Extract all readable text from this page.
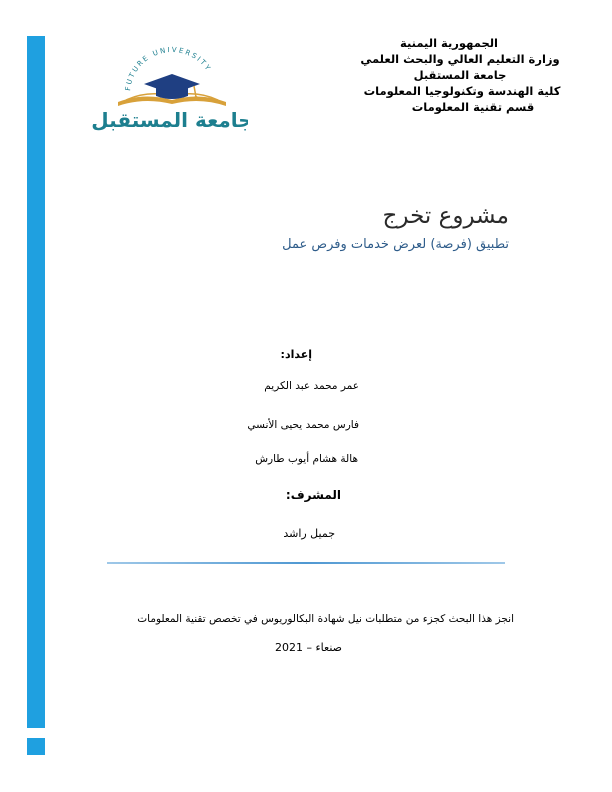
FUTURE UNIVERSITY
جامعة المستقبل
الجمهورية اليمنية
وزارة التعليم العالي والبحث العلمي
جامعة المستقبل
كلية الهندسة وتكنولوجيا المعلومات
قسم تقنية المعلومات
مشروع تخرج
تطبيق (فرصة) لعرض خدمات وفرص عمل
إعداد:
عمر محمد عبد الكريم
فارس محمد يحيى الأنسي
هالة هشام أيوب طارش
المشرف:
جميل راشد
انجز هذا البحث كجزء من متطلبات نيل شهادة البكالوريوس في تخصص تقنية المعلومات
صنعاء – 2021
